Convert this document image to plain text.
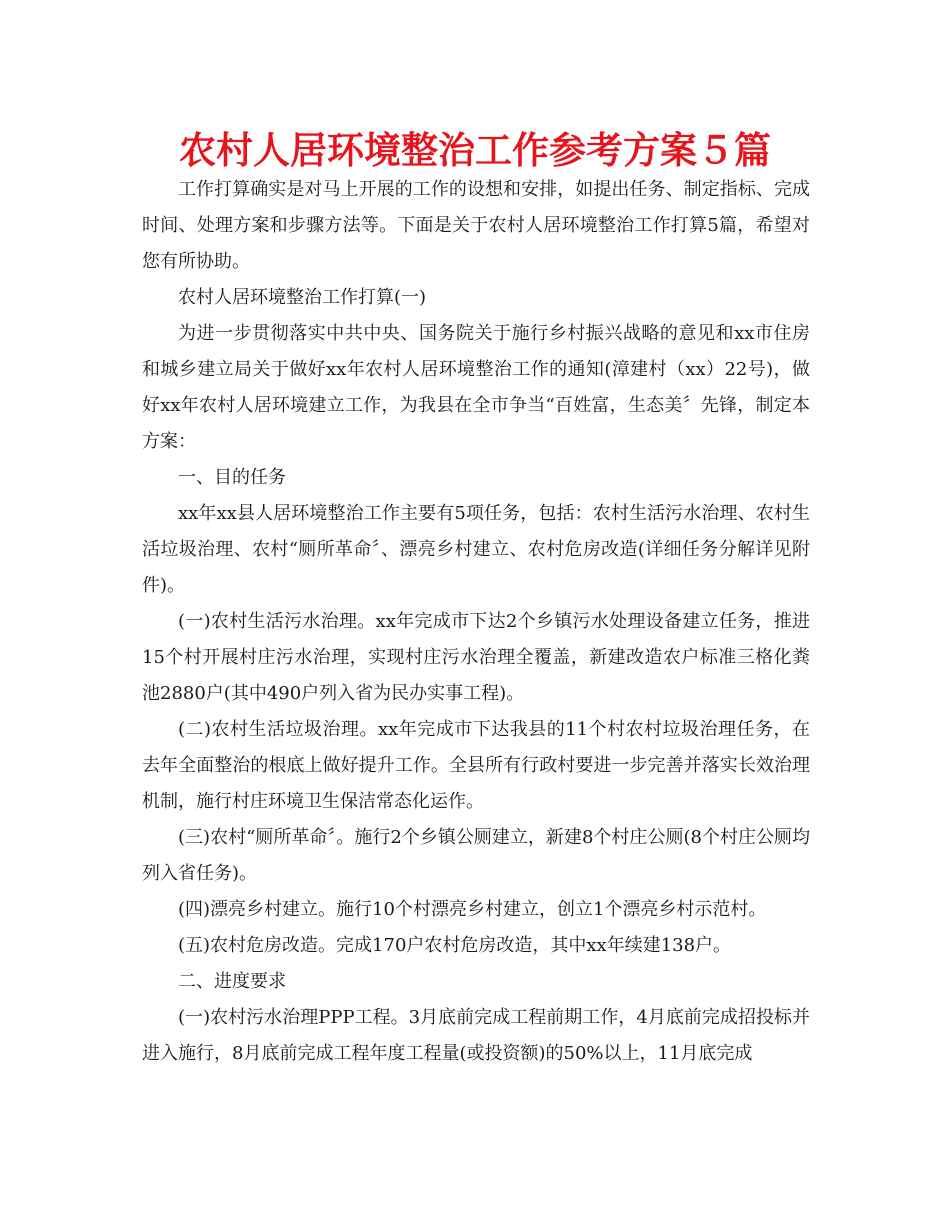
农村人居环境整治工作参考方案５篇

工作打算确实是对马上开展的工作的设想和安排，如提出任务、制定指标、完成时间、处理方案和步骤方法等。下面是关于农村人居环境整治工作打算5篇，希望对您有所协助。

农村人居环境整治工作打算(一)

为进一步贯彻落实中共中央、国务院关于施行乡村振兴战略的意见和xx市住房和城乡建立局关于做好xx年农村人居环境整治工作的通知(漳建村（xx）22号)，做好xx年农村人居环境建立工作，为我县在全市争当“百姓富，生态美〞先锋，制定本方案：

一、目的任务

xx年xx县人居环境整治工作主要有5项任务，包括：农村生活污水治理、农村生活垃圾治理、农村“厕所革命〞、漂亮乡村建立、农村危房改造(详细任务分解详见附件)。

(一)农村生活污水治理。xx年完成市下达2个乡镇污水处理设备建立任务，推进15个村开展村庄污水治理，实现村庄污水治理全覆盖，新建改造农户标准三格化粪池2880户(其中490户列入省为民办实事工程)。

(二)农村生活垃圾治理。xx年完成市下达我县的11个村农村垃圾治理任务，在去年全面整治的根底上做好提升工作。全县所有行政村要进一步完善并落实长效治理机制，施行村庄环境卫生保洁常态化运作。

(三)农村“厕所革命〞。施行2个乡镇公厕建立，新建8个村庄公厕(8个村庄公厕均列入省任务)。

(四)漂亮乡村建立。施行10个村漂亮乡村建立，创立1个漂亮乡村示范村。

(五)农村危房改造。完成170户农村危房改造，其中xx年续建138户。

二、进度要求

(一)农村污水治理PPP工程。3月底前完成工程前期工作，4月底前完成招投标并进入施行，8月底前完成工程年度工程量(或投资额)的50%以上，11月底完成
